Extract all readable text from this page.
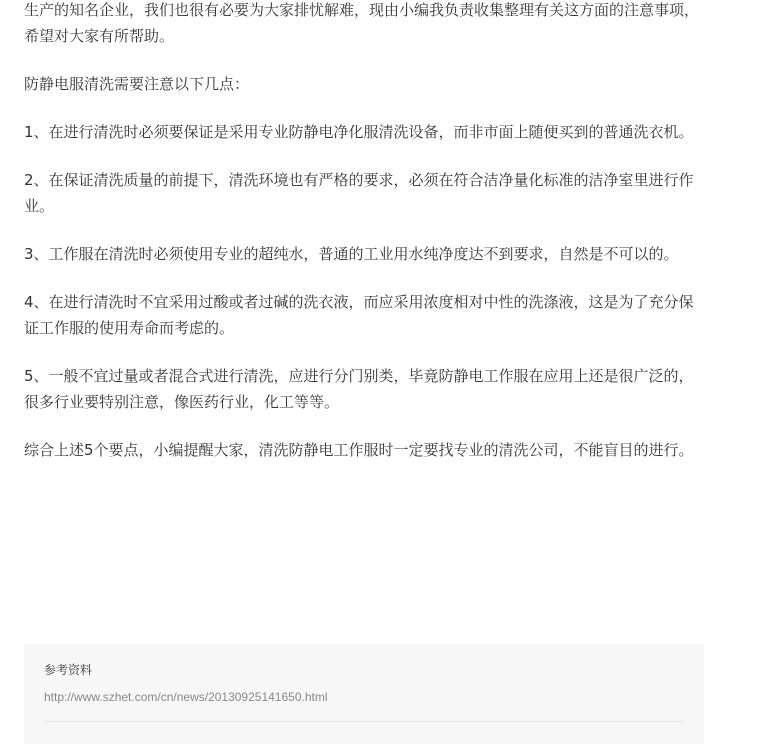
生产的知名企业，我们也很有必要为大家排忧解难，现由小编我负责收集整理有关这方面的注意事项，希望对大家有所帮助。

防静电服清洗需要注意以下几点：

1、在进行清洗时必须要保证是采用专业防静电净化服清洗设备，而非市面上随便买到的普通洗衣机。

2、在保证清洗质量的前提下，清洗环境也有严格的要求，必须在符合洁净量化标准的洁净室里进行作业。

3、工作服在清洗时必须使用专业的超纯水，普通的工业用水纯净度达不到要求，自然是不可以的。

4、在进行清洗时不宜采用过酸或者过碱的洗衣液，而应采用浓度相对中性的洗涤液，这是为了充分保证工作服的使用寿命而考虑的。

5、一般不宜过量或者混合式进行清洗，应进行分门别类，毕竟防静电工作服在应用上还是很广泛的，很多行业要特别注意，像医药行业，化工等等。

综合上述5个要点，小编提醒大家，清洗防静电工作服时一定要找专业的清洗公司，不能盲目的进行。

参考资料
http://www.szhet.com/cn/news/20130925141650.html
